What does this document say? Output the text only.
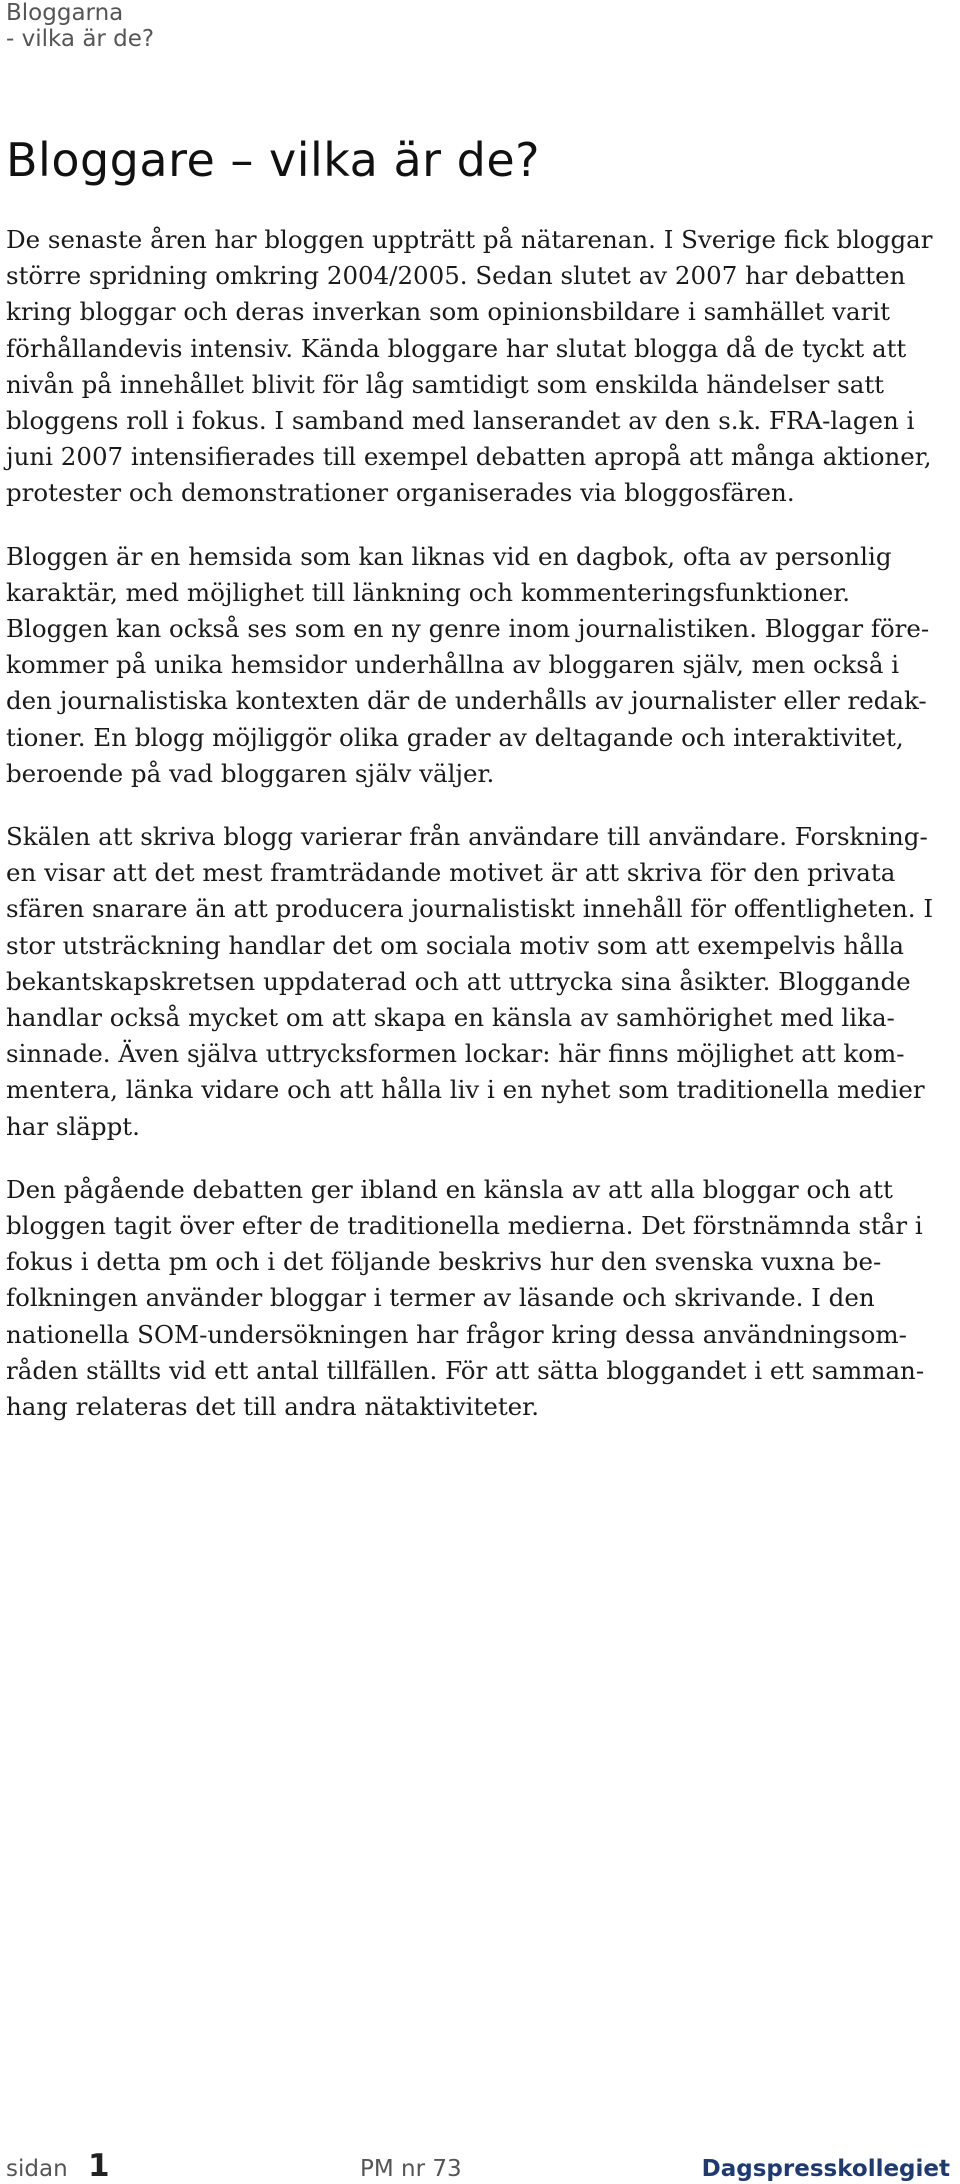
Bloggarna
- vilka är de?
Bloggare – vilka är de?

De senaste åren har bloggen uppträtt på nätarenan. I Sverige fick bloggar
större spridning omkring 2004/2005. Sedan slutet av 2007 har debatten
kring bloggar och deras inverkan som opinionsbildare i samhället varit
förhållandevis intensiv. Kända bloggare har slutat blogga då de tyckt att
nivån på innehållet blivit för låg samtidigt som enskilda händelser satt
bloggens roll i fokus. I samband med lanserandet av den s.k. FRA-lagen i
juni 2007 intensifierades till exempel debatten apropå att många aktioner,
protester och demonstrationer organiserades via bloggosfären.

Bloggen är en hemsida som kan liknas vid en dagbok, ofta av personlig
karaktär, med möjlighet till länkning och kommenteringsfunktioner.
Bloggen kan också ses som en ny genre inom journalistiken. Bloggar före-
kommer på unika hemsidor underhållna av bloggaren själv, men också i
den journalistiska kontexten där de underhålls av journalister eller redak-
tioner. En blogg möjliggör olika grader av deltagande och interaktivitet,
beroende på vad bloggaren själv väljer.

Skälen att skriva blogg varierar från användare till användare. Forskning-
en visar att det mest framträdande motivet är att skriva för den privata
sfären snarare än att producera journalistiskt innehåll för offentligheten. I
stor utsträckning handlar det om sociala motiv som att exempelvis hålla
bekantskapskretsen uppdaterad och att uttrycka sina åsikter. Bloggande
handlar också mycket om att skapa en känsla av samhörighet med lika-
sinnade. Även själva uttrycksformen lockar: här finns möjlighet att kom-
mentera, länka vidare och att hålla liv i en nyhet som traditionella medier
har släppt.

Den pågående debatten ger ibland en känsla av att alla bloggar och att
bloggen tagit över efter de traditionella medierna. Det förstnämnda står i
fokus i detta pm och i det följande beskrivs hur den svenska vuxna be-
folkningen använder bloggar i termer av läsande och skrivande. I den
nationella SOM-undersökningen har frågor kring dessa användningsom-
råden ställts vid ett antal tillfällen. För att sätta bloggandet i ett samman-
hang relateras det till andra nätaktiviteter.

sidan 1	PM nr 73	Dagspresskollegiet
